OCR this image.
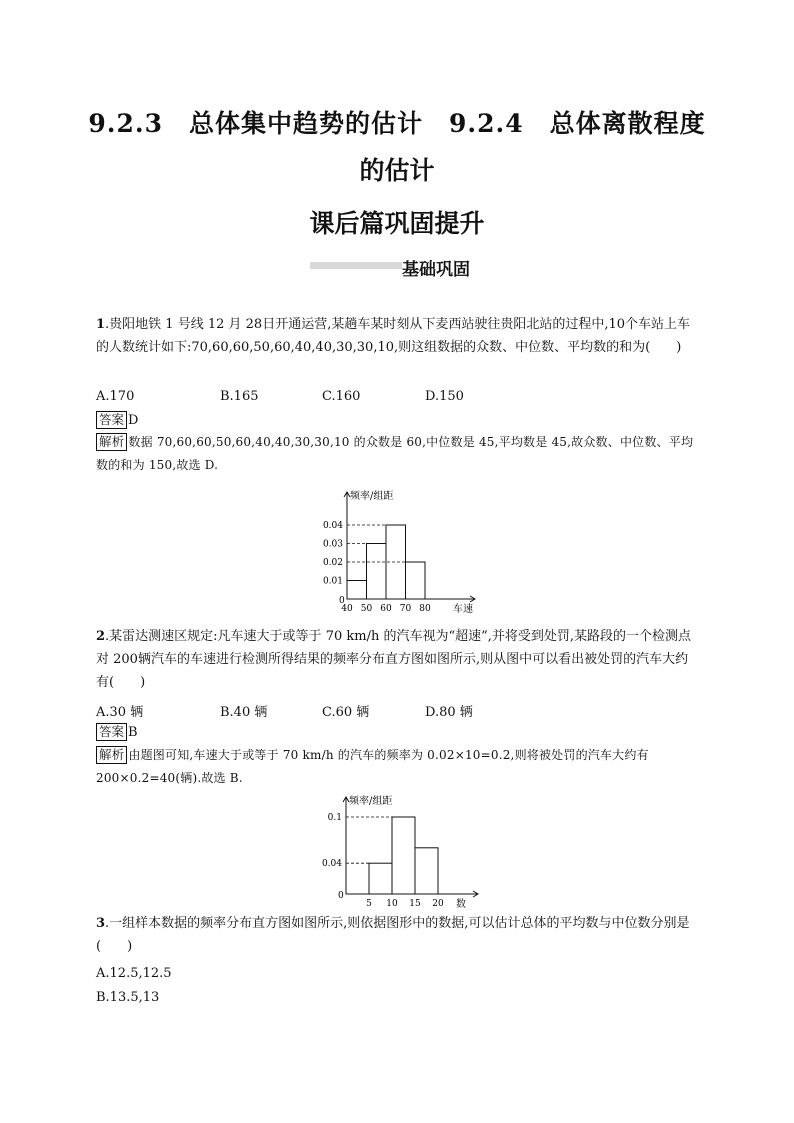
9.2.3　总体集中趋势的估计　9.2.4　总体离散程度
的估计
课后篇巩固提升
基础巩固
1.贵阳地铁 1 号线 12 月 28日开通运营,某趟车某时刻从下麦西站驶往贵阳北站的过程中,10个车站上车的人数统计如下:70,60,60,50,60,40,40,30,30,10,则这组数据的众数、中位数、平均数的和为(　　)
A.170	B.165	C.160	D.150
答案 D
解析 数据 70,60,60,50,60,40,40,30,30,10 的众数是 60,中位数是 45,平均数是 45,故众数、中位数、平均数的和为 150,故选 D.
频率/组距
车速
0
0.01
0.02
0.03
0.04
40 50 60 70 80
2.某雷达测速区规定:凡车速大于或等于 70 km/h 的汽车视为“超速”,并将受到处罚,某路段的一个检测点对 200辆汽车的车速进行检测所得结果的频率分布直方图如图所示,则从图中可以看出被处罚的汽车大约有(　　)
A.30 辆	B.40 辆	C.60 辆	D.80 辆
答案 B
解析 由题图可知,车速大于或等于 70 km/h 的汽车的频率为 0.02×10=0.2,则将被处罚的汽车大约有 200×0.2=40(辆).故选 B.
频率/组距
数
0
0.04
0.1
5 10 15 20
3.一组样本数据的频率分布直方图如图所示,则依据图形中的数据,可以估计总体的平均数与中位数分别是(　　)
A.12.5,12.5
B.13.5,13
